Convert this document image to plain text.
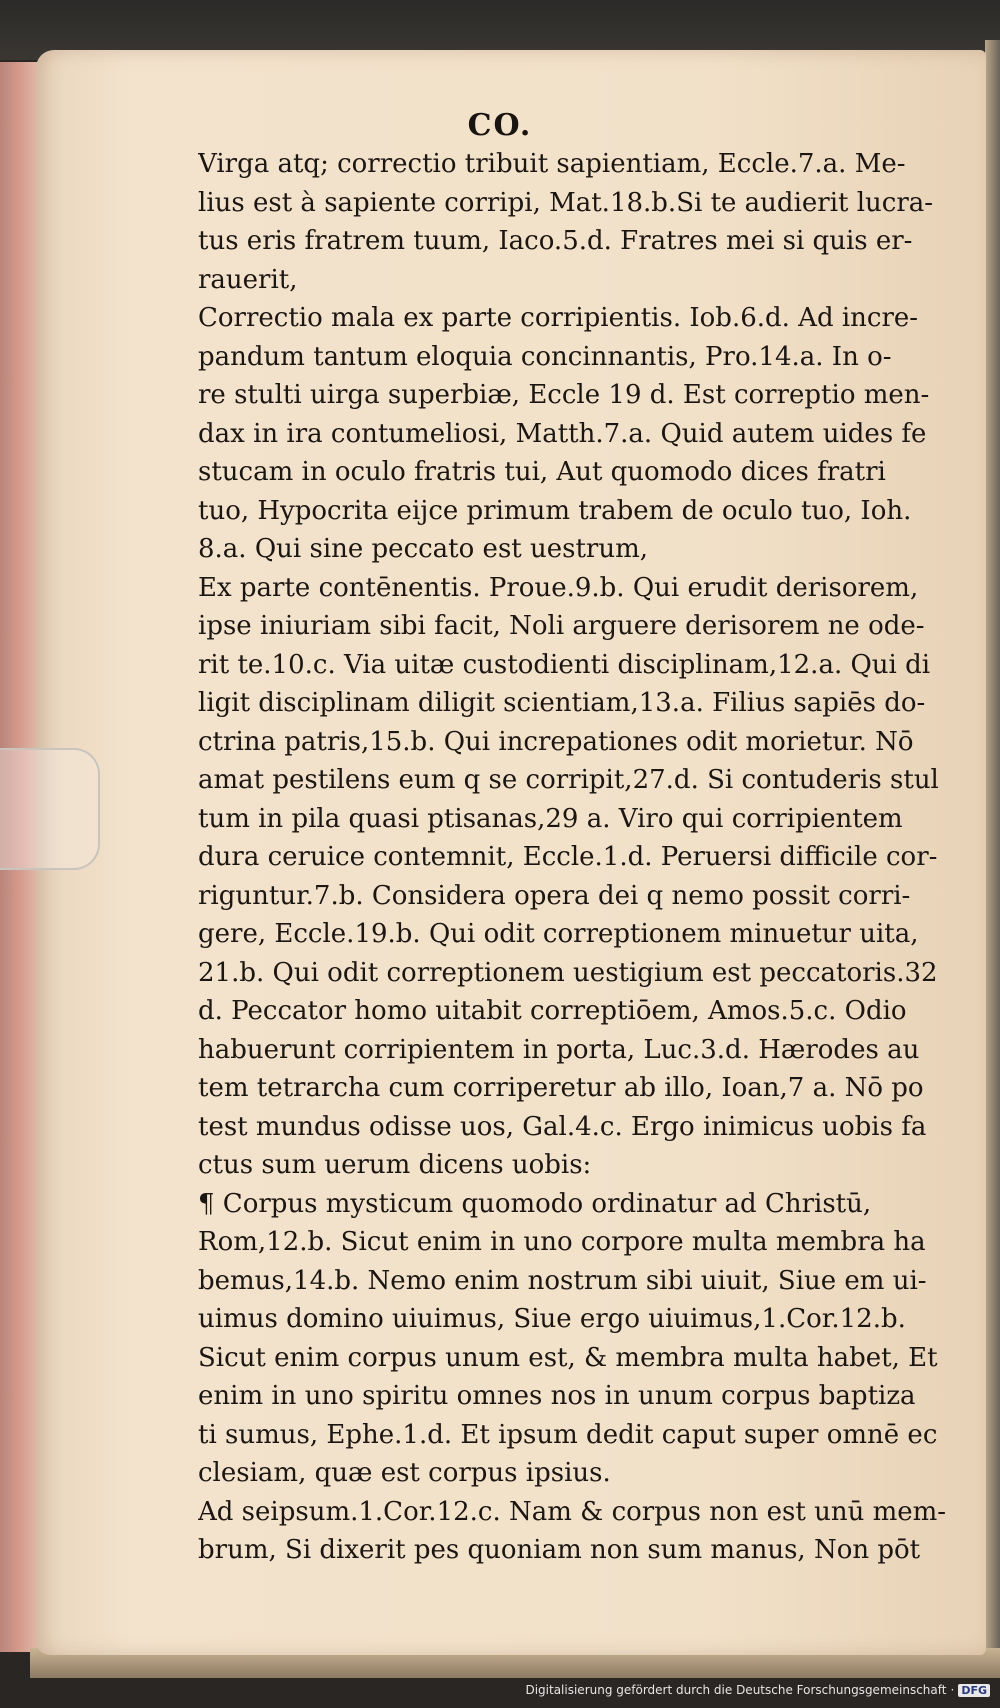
CO.
Virga atq; correctio tribuit sapientiam, Eccle.7.a. Me-
lius est à sapiente corripi, Mat.18.b.Si te audierit lucra-
tus eris fratrem tuum, Iaco.5.d. Fratres mei si quis er-
rauerit,
Correctio mala ex parte corripientis. Iob.6.d. Ad incre-
pandum tantum eloquia concinnantis, Pro.14.a. In o-
re stulti uirga superbiæ, Eccle 19 d. Est correptio men-
dax in ira contumeliosi, Matth.7.a. Quid autem uides fe
stucam in oculo fratris tui, Aut quomodo dices fratri
tuo, Hypocrita eijce primum trabem de oculo tuo, Ioh.
8.a. Qui sine peccato est uestrum,
Ex parte contēnentis. Proue.9.b. Qui erudit derisorem,
ipse iniuriam sibi facit, Noli arguere derisorem ne ode-
rit te.10.c. Via uitæ custodienti disciplinam,12.a. Qui di
ligit disciplinam diligit scientiam,13.a. Filius sapiēs do-
ctrina patris,15.b. Qui increpationes odit morietur. Nō
amat pestilens eum q se corripit,27.d. Si contuderis stul
tum in pila quasi ptisanas,29 a. Viro qui corripientem
dura ceruice contemnit, Eccle.1.d. Peruersi difficile cor-
riguntur.7.b. Considera opera dei q nemo possit corri-
gere, Eccle.19.b. Qui odit correptionem minuetur uita,
21.b. Qui odit correptionem uestigium est peccatoris.32
d. Peccator homo uitabit correptiōem, Amos.5.c. Odio
habuerunt corripientem in porta, Luc.3.d. Hærodes au
tem tetrarcha cum corriperetur ab illo, Ioan,7 a. Nō po
test mundus odisse uos, Gal.4.c. Ergo inimicus uobis fa
ctus sum uerum dicens uobis:
¶ Corpus mysticum quomodo ordinatur ad Christū,
Rom,12.b. Sicut enim in uno corpore multa membra ha
bemus,14.b. Nemo enim nostrum sibi uiuit, Siue em ui-
uimus domino uiuimus, Siue ergo uiuimus,1.Cor.12.b.
Sicut enim corpus unum est, & membra multa habet, Et
enim in uno spiritu omnes nos in unum corpus baptiza
ti sumus, Ephe.1.d. Et ipsum dedit caput super omnē ec
clesiam, quæ est corpus ipsius.
Ad seipsum.1.Cor.12.c. Nam & corpus non est unū mem-
brum, Si dixerit pes quoniam non sum manus, Non pōt
Digitalisierung gefördert durch die Deutsche Forschungsgemeinschaft · DFG
